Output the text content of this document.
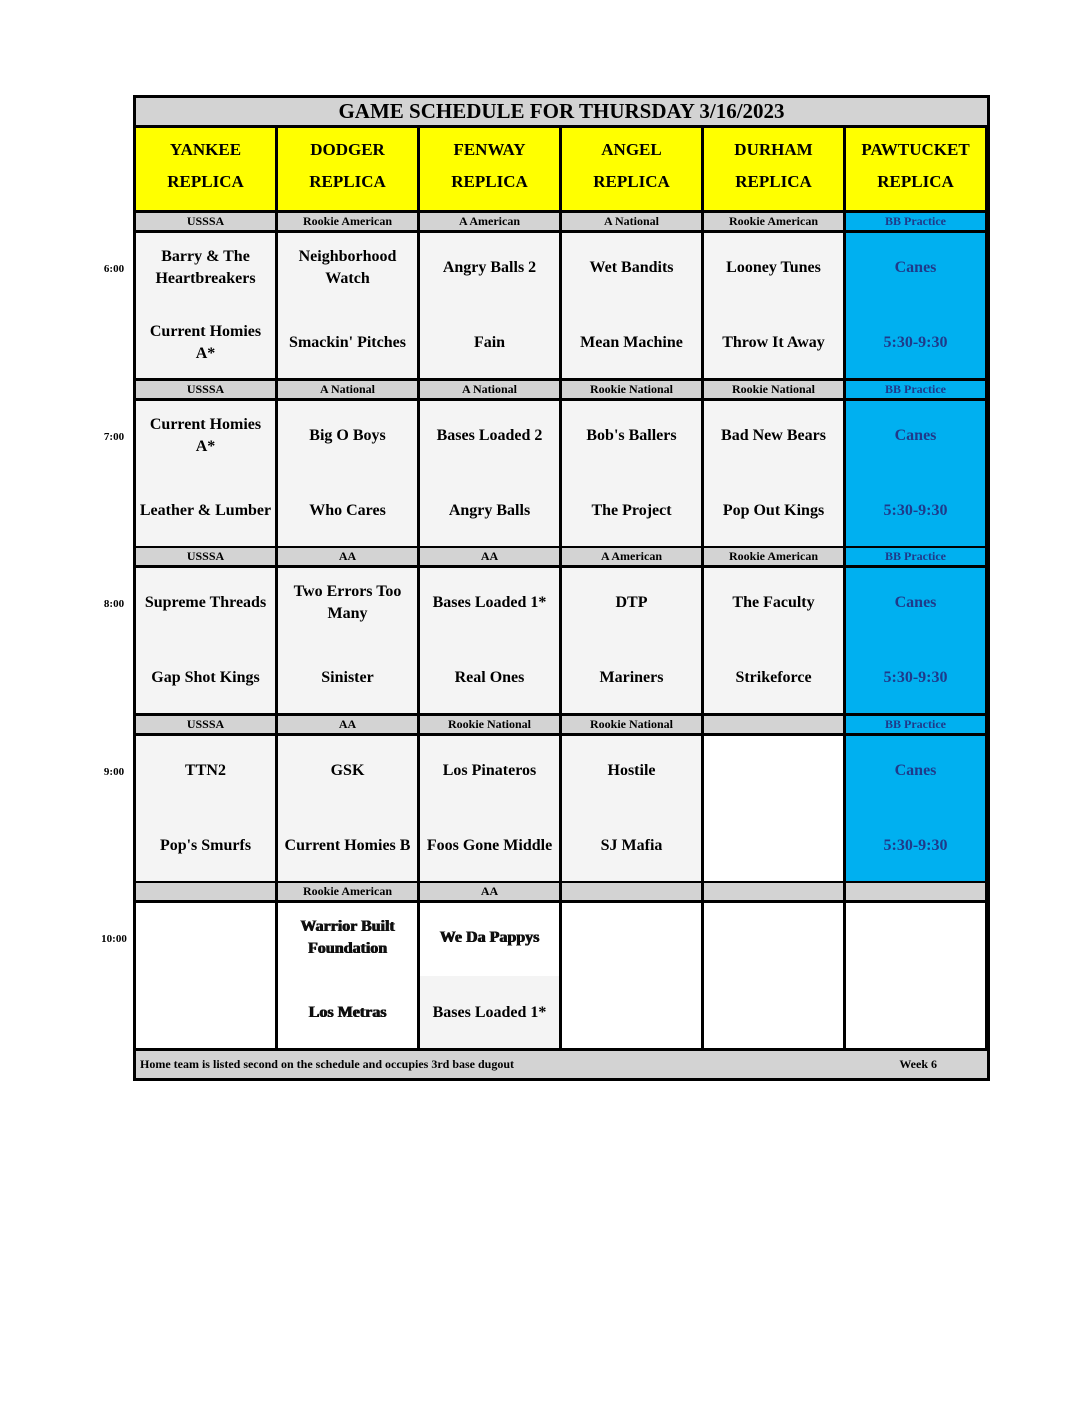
GAME SCHEDULE FOR THURSDAY 3/16/2023
YANKEE
REPLICA
DODGER
REPLICA
FENWAY
REPLICA
ANGEL
REPLICA
DURHAM
REPLICA
PAWTUCKET
REPLICA
USSSA
Barry & The Heartbreakers
Current Homies A*
Rookie American
Neighborhood Watch
Smackin' Pitches
A American
Angry Balls 2
Fain
A National
Wet Bandits
Mean Machine
Rookie American
Looney Tunes
Throw It Away
BB Practice
Canes
5:30-9:30
USSSA
Current Homies A*
Leather & Lumber
A National
Big O Boys
Who Cares
A National
Bases Loaded 2
Angry Balls
Rookie National
Bob's Ballers
The Project
Rookie National
Bad New Bears
Pop Out Kings
BB Practice
Canes
5:30-9:30
USSSA
Supreme Threads
Gap Shot Kings
AA
Two Errors Too Many
Sinister
AA
Bases Loaded 1*
Real Ones
A American
DTP
Mariners
Rookie American
The Faculty
Strikeforce
BB Practice
Canes
5:30-9:30
USSSA
TTN2
Pop's Smurfs
AA
GSK
Current Homies B
Rookie National
Los Pinateros
Foos Gone Middle
Rookie National
Hostile
SJ Mafia
BB Practice
Canes
5:30-9:30
Rookie American
Warrior Built Foundation
Los Metras
AA
We Da Pappys
Bases Loaded 1*
Home team is listed second on the schedule and occupies 3rd base dugout	Week 6
6:00
7:00
8:00
9:00
10:00
